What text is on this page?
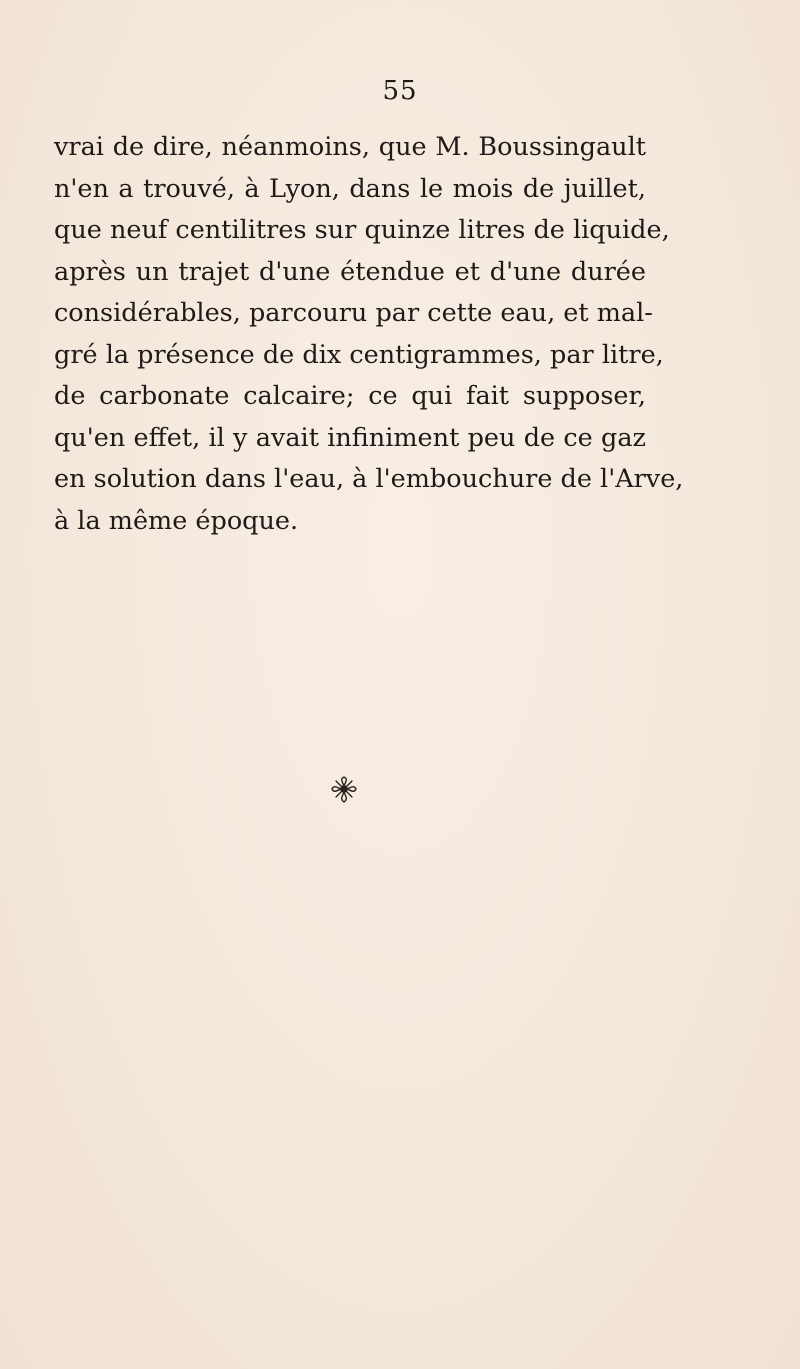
55
vrai de dire, néanmoins, que M. Boussingault
n'en a trouvé, à Lyon, dans le mois de juillet,
que neuf centilitres sur quinze litres de liquide,
après un trajet d'une étendue et d'une durée
considérables, parcouru par cette eau, et mal-
gré la présence de dix centigrammes, par litre,
de carbonate calcaire; ce qui fait supposer,
qu'en effet, il y avait infiniment peu de ce gaz
en solution dans l'eau, à l'embouchure de l'Arve,
à la même époque.
